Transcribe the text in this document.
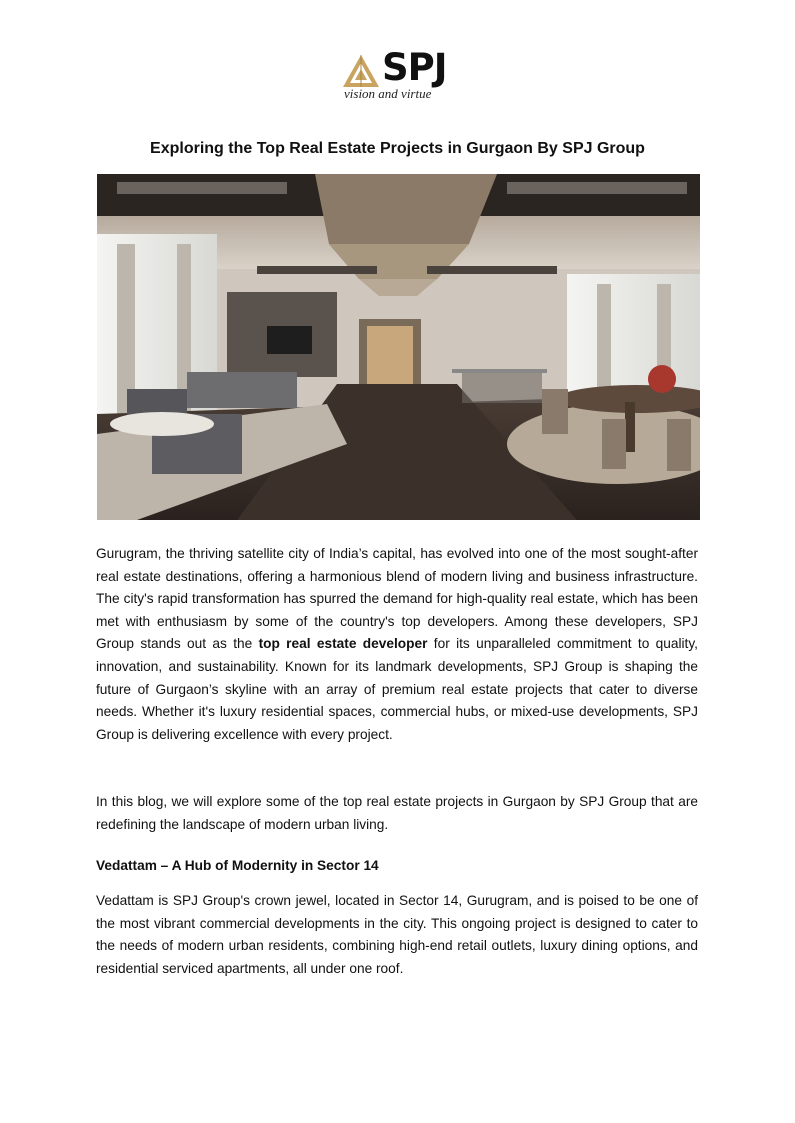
SPJ
vision and virtue
Exploring the Top Real Estate Projects in Gurgaon By SPJ Group
Gurugram, the thriving satellite city of India’s capital, has evolved into one of the most sought-after real estate destinations, offering a harmonious blend of modern living and business infrastructure. The city's rapid transformation has spurred the demand for high-quality real estate, which has been met with enthusiasm by some of the country's top developers. Among these developers, SPJ Group stands out as the top real estate developer for its unparalleled commitment to quality, innovation, and sustainability. Known for its landmark developments, SPJ Group is shaping the future of Gurgaon’s skyline with an array of premium real estate projects that cater to diverse needs. Whether it's luxury residential spaces, commercial hubs, or mixed-use developments, SPJ Group is delivering excellence with every project.
In this blog, we will explore some of the top real estate projects in Gurgaon by SPJ Group that are redefining the landscape of modern urban living.
Vedattam – A Hub of Modernity in Sector 14
Vedattam is SPJ Group's crown jewel, located in Sector 14, Gurugram, and is poised to be one of the most vibrant commercial developments in the city. This ongoing project is designed to cater to the needs of modern urban residents, combining high-end retail outlets, luxury dining options, and residential serviced apartments, all under one roof.
